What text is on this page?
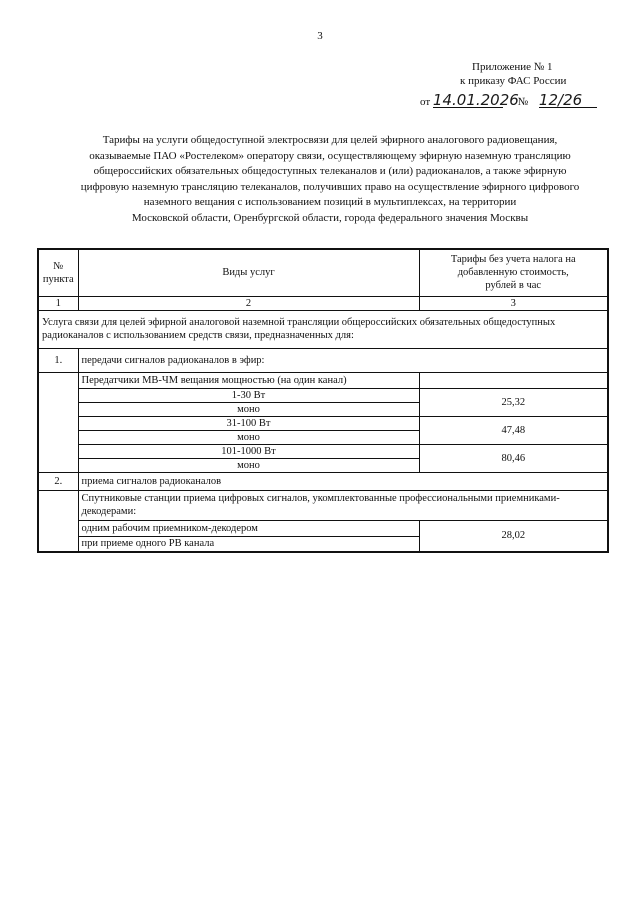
3
Приложение № 1
к приказу ФАС России
от 14.01.2026 № 12/26
Тарифы на услуги общедоступной электросвязи для целей эфирного аналогового радиовещания,
оказываемые ПАО «Ростелеком» оператору связи, осуществляющему эфирную наземную трансляцию
общероссийских обязательных общедоступных телеканалов и (или) радиоканалов, а также эфирную
цифровую наземную трансляцию телеканалов, получивших право на осуществление эфирного цифрового
наземного вещания с использованием позиций в мультиплексах, на территории
Московской области, Оренбургской области, города федерального значения Москвы
№ пункта	Виды услуг	Тарифы без учета налога на добавленную стоимость, рублей в час
1	2	3
Услуга связи для целей эфирной аналоговой наземной трансляции общероссийских обязательных общедоступных радиоканалов с использованием средств связи, предназначенных для:		
1.	передачи сигналов радиоканалов в эфир:	
	Передатчики МВ-ЧМ вещания мощностью (на один канал)	
	1-30 Вт	25,32
	моно	
	31-100 Вт	47,48
	моно	
	101-1000 Вт	80,46
	моно	
2.	приема сигналов радиоканалов	
	Спутниковые станции приема цифровых сигналов, укомплектованные профессиональными приемниками-декодерами:	
	одним рабочим приемником-декодером	28,02
	при приеме одного РВ канала	
